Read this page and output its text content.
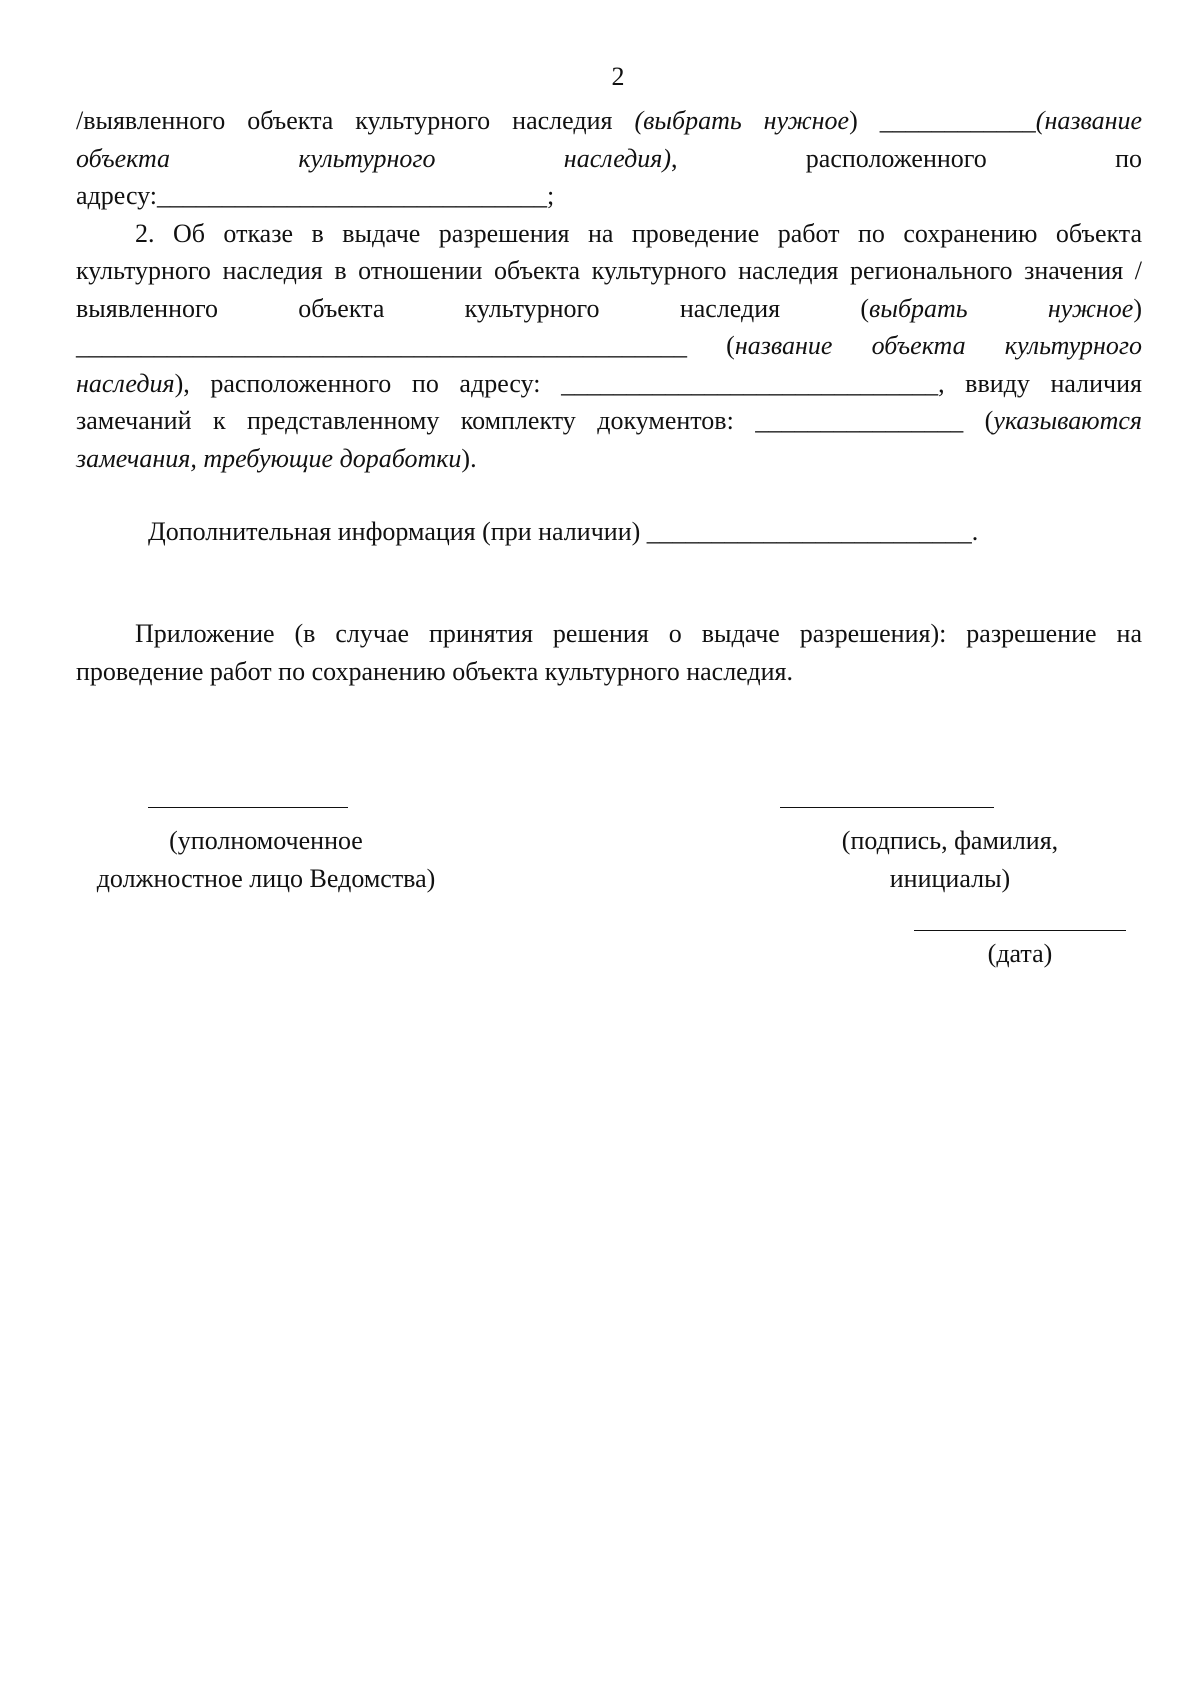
2

/выявленного объекта культурного наследия (выбрать нужное) ____________(название объекта культурного наследия), расположенного по

адресу:______________________________;

2. Об отказе в выдаче разрешения на проведение работ по сохранению объекта культурного наследия в отношении объекта культурного наследия регионального значения /выявленного объекта культурного наследия (выбрать нужное) _______________________________________________ (название объекта культурного наследия), расположенного по адресу: _____________________________, ввиду наличия замечаний к представленному комплекту документов: ________________ (указываются замечания, требующие доработки).

Дополнительная информация (при наличии) _________________________.

Приложение (в случае принятия решения о выдаче разрешения): разрешение на проведение работ по сохранению объекта культурного наследия.

(уполномоченное
должностное лицо Ведомства)
(подпись, фамилия,
инициалы)
(дата)
